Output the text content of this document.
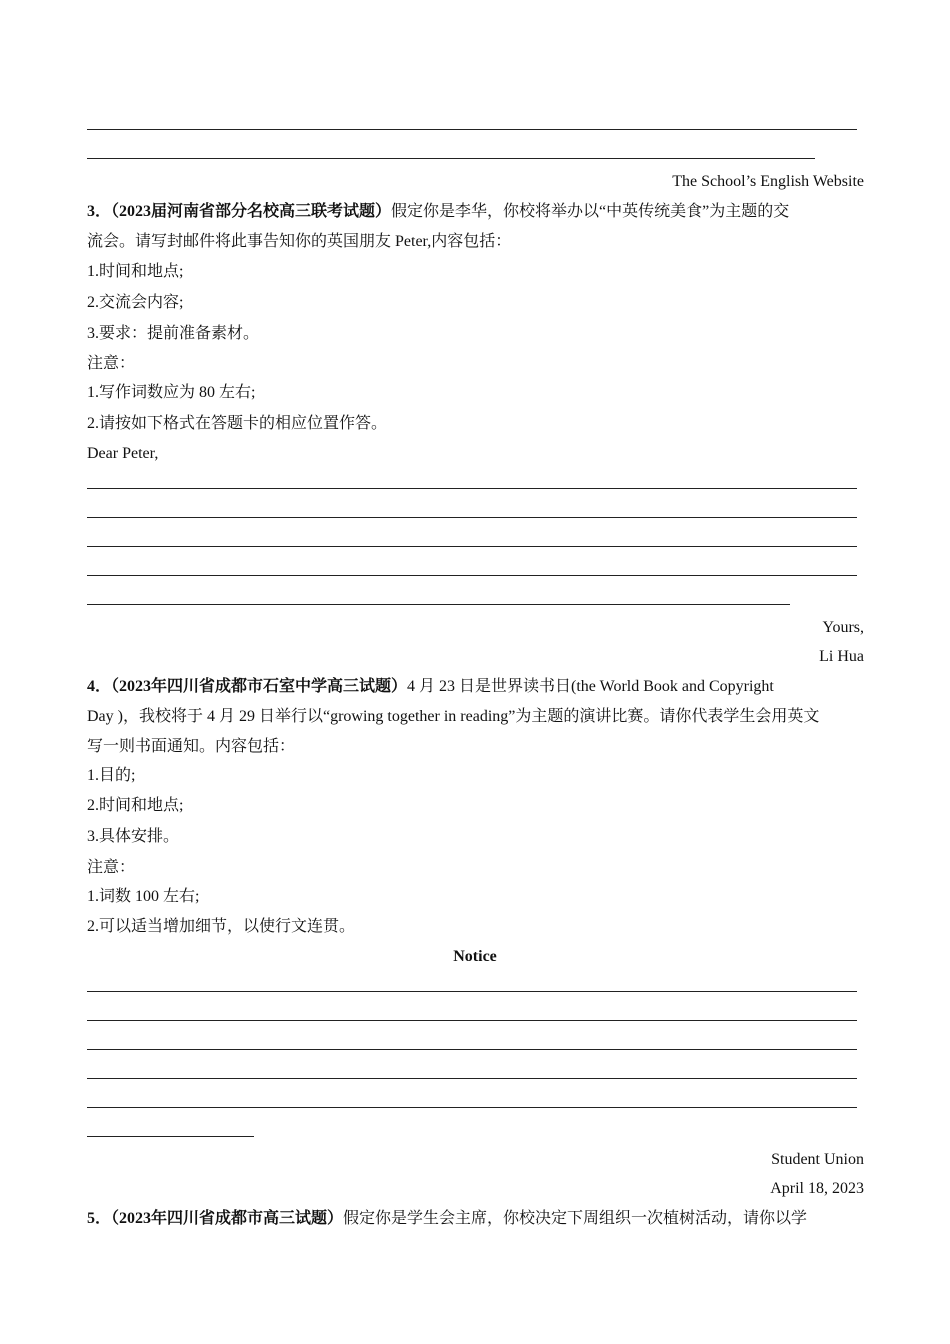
The School’s English Website
3．（2023届河南省部分名校高三联考试题）假定你是李华，你校将举办以“中英传统美食”为主题的交
流会。请写封邮件将此事告知你的英国朋友 Peter,内容包括：
1.时间和地点;
2.交流会内容;
3.要求：提前准备素材。
注意：
1.写作词数应为 80 左右;
2.请按如下格式在答题卡的相应位置作答。
Dear Peter,
Yours,
Li Hua
4．（2023年四川省成都市石室中学高三试题）4 月 23 日是世界读书日(the World Book and Copyright
Day )，我校将于 4 月 29 日举行以“growing together in reading”为主题的演讲比赛。请你代表学生会用英文
写一则书面通知。内容包括：
1.目的;
2.时间和地点;
3.具体安排。
注意：
1.词数 100 左右;
2.可以适当增加细节，以使行文连贯。
Notice
Student Union
April 18, 2023
5．（2023年四川省成都市高三试题）假定你是学生会主席，你校决定下周组织一次植树活动，请你以学
